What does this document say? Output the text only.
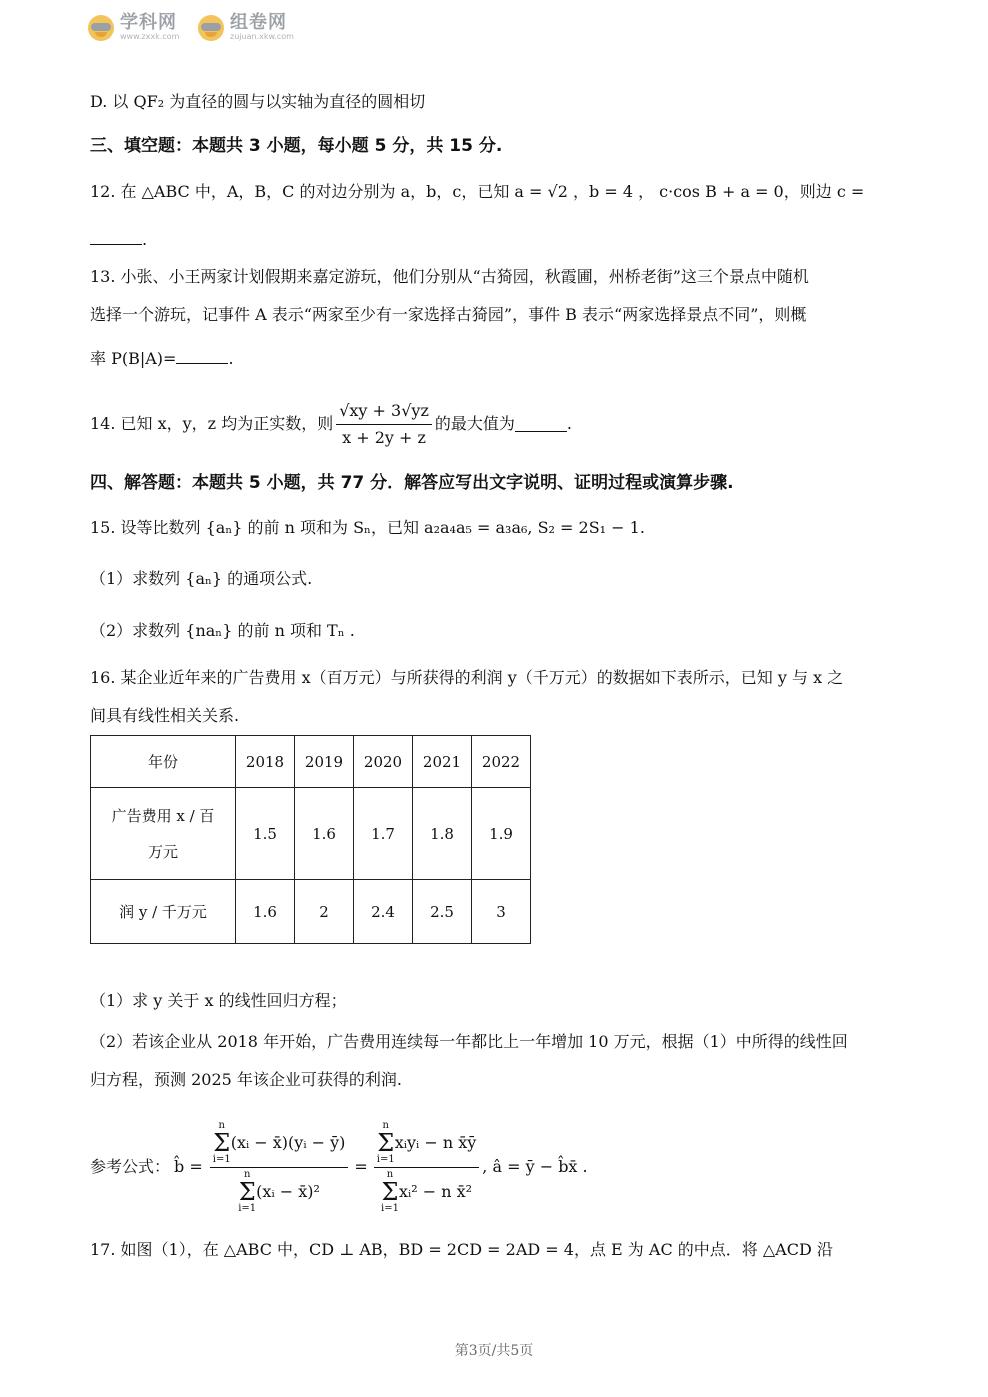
学科网
www.zxxk.com
组卷网
zujuan.xkw.com
D. 以 QF₂ 为直径的圆与以实轴为直径的圆相切
三、填空题：本题共 3 小题，每小题 5 分，共 15 分.
12. 在 △ABC 中，A，B，C 的对边分别为 a，b，c，已知 a = √2 ，b = 4 ， c·cos B + a = 0，则边 c =
.
13. 小张、小王两家计划假期来嘉定游玩，他们分别从“古猗园，秋霞圃，州桥老街”这三个景点中随机
选择一个游玩，记事件 A 表示“两家至少有一家选择古猗园”，事件 B 表示“两家选择景点不同”，则概
率 P(B|A)=	.
14. 已知 x，y，z 均为正实数，则 $\frac{√xy + 3√yz}{x + 2y + z}$ 的最大值为	.
四、解答题：本题共 5 小题，共 77 分．解答应写出文字说明、证明过程或演算步骤.
15. 设等比数列 {aₙ} 的前 n 项和为 Sₙ，已知 a₂a₄a₅ = a₃a₆, S₂ = 2S₁ − 1.
（1）求数列 {aₙ} 的通项公式.
（2）求数列 {naₙ} 的前 n 项和 Tₙ .
16. 某企业近年来的广告费用 x（百万元）与所获得的利润 y（千万元）的数据如下表所示，已知 y 与 x 之
间具有线性相关关系.
年份	2018	2019	2020	2021	2022

广告费用 x / 百
万元	1.5	1.6	1.7	1.8	1.9
润 y / 千万元	1.6	2	2.4	2.5	3
（1）求 y 关于 x 的线性回归方程；
（2）若该企业从 2018 年开始，广告费用连续每一年都比上一年增加 10 万元，根据（1）中所得的线性回
归方程，预测 2025 年该企业可获得的利润.
参考公式： b̂ = n
Σ
i=1
(xᵢ − x̄)(yᵢ − ȳ)
n
Σ
i=1
(xᵢ − x̄)² = n
Σ
i=1
xᵢyᵢ − n x̄ȳ
n
Σ
i=1
xᵢ² − n x̄² , â = ȳ − b̂x̄ .
17. 如图（1），在 △ABC 中，CD ⊥ AB，BD = 2CD = 2AD = 4，点 E 为 AC 的中点．将 △ACD 沿
第3页/共5页
